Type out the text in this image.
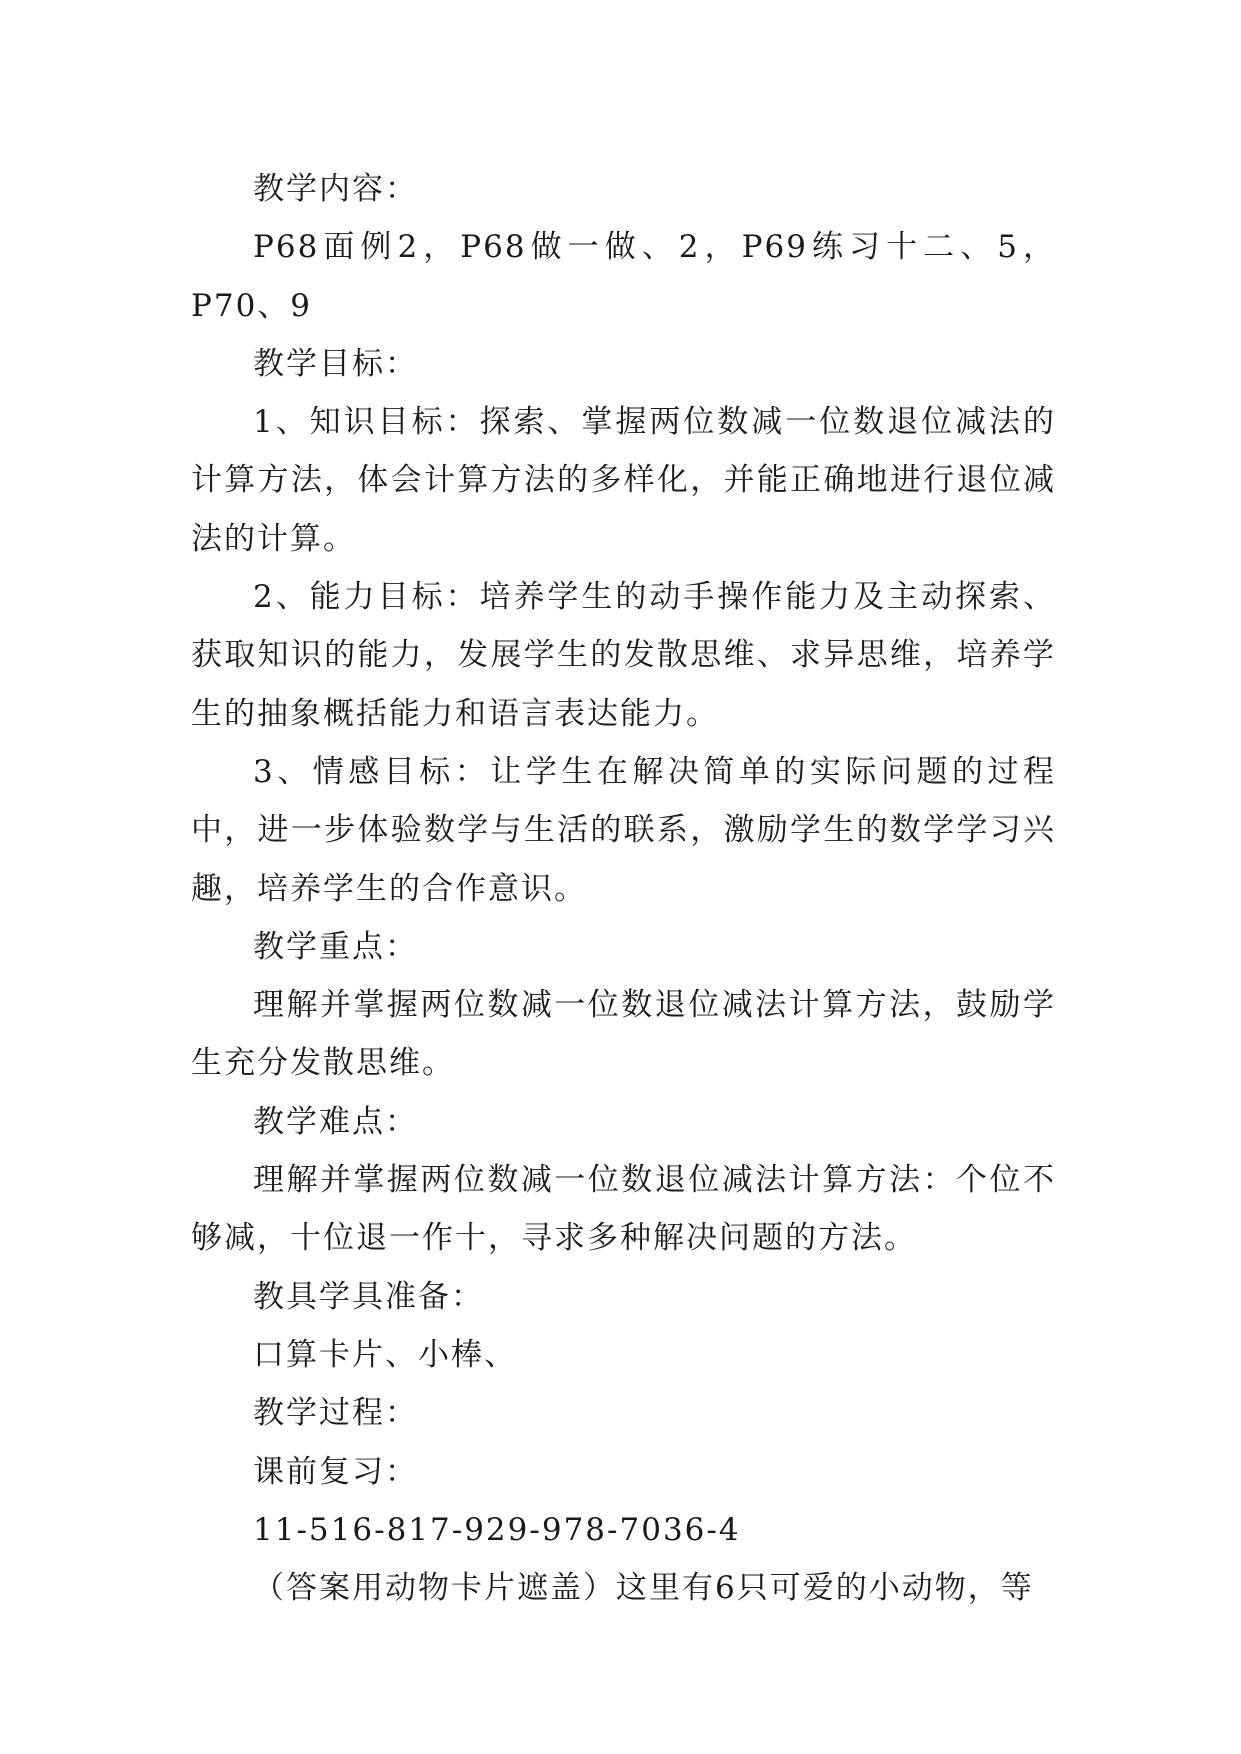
教学内容：

P68面例2，P68做一做、2，P69练习十二、5，P70、9

教学目标：

1、知识目标：探索、掌握两位数减一位数退位减法的计算方法，体会计算方法的多样化，并能正确地进行退位减法的计算。

2、能力目标：培养学生的动手操作能力及主动探索、获取知识的能力，发展学生的发散思维、求异思维，培养学生的抽象概括能力和语言表达能力。

3、情感目标：让学生在解决简单的实际问题的过程中，进一步体验数学与生活的联系，激励学生的数学学习兴趣，培养学生的合作意识。

教学重点：

理解并掌握两位数减一位数退位减法计算方法，鼓励学生充分发散思维。

教学难点：

理解并掌握两位数减一位数退位减法计算方法：个位不够减，十位退一作十，寻求多种解决问题的方法。

教具学具准备：

口算卡片、小棒、

教学过程：

课前复习：

11-516-817-929-978-7036-4

（答案用动物卡片遮盖）这里有6只可爱的小动物，等
